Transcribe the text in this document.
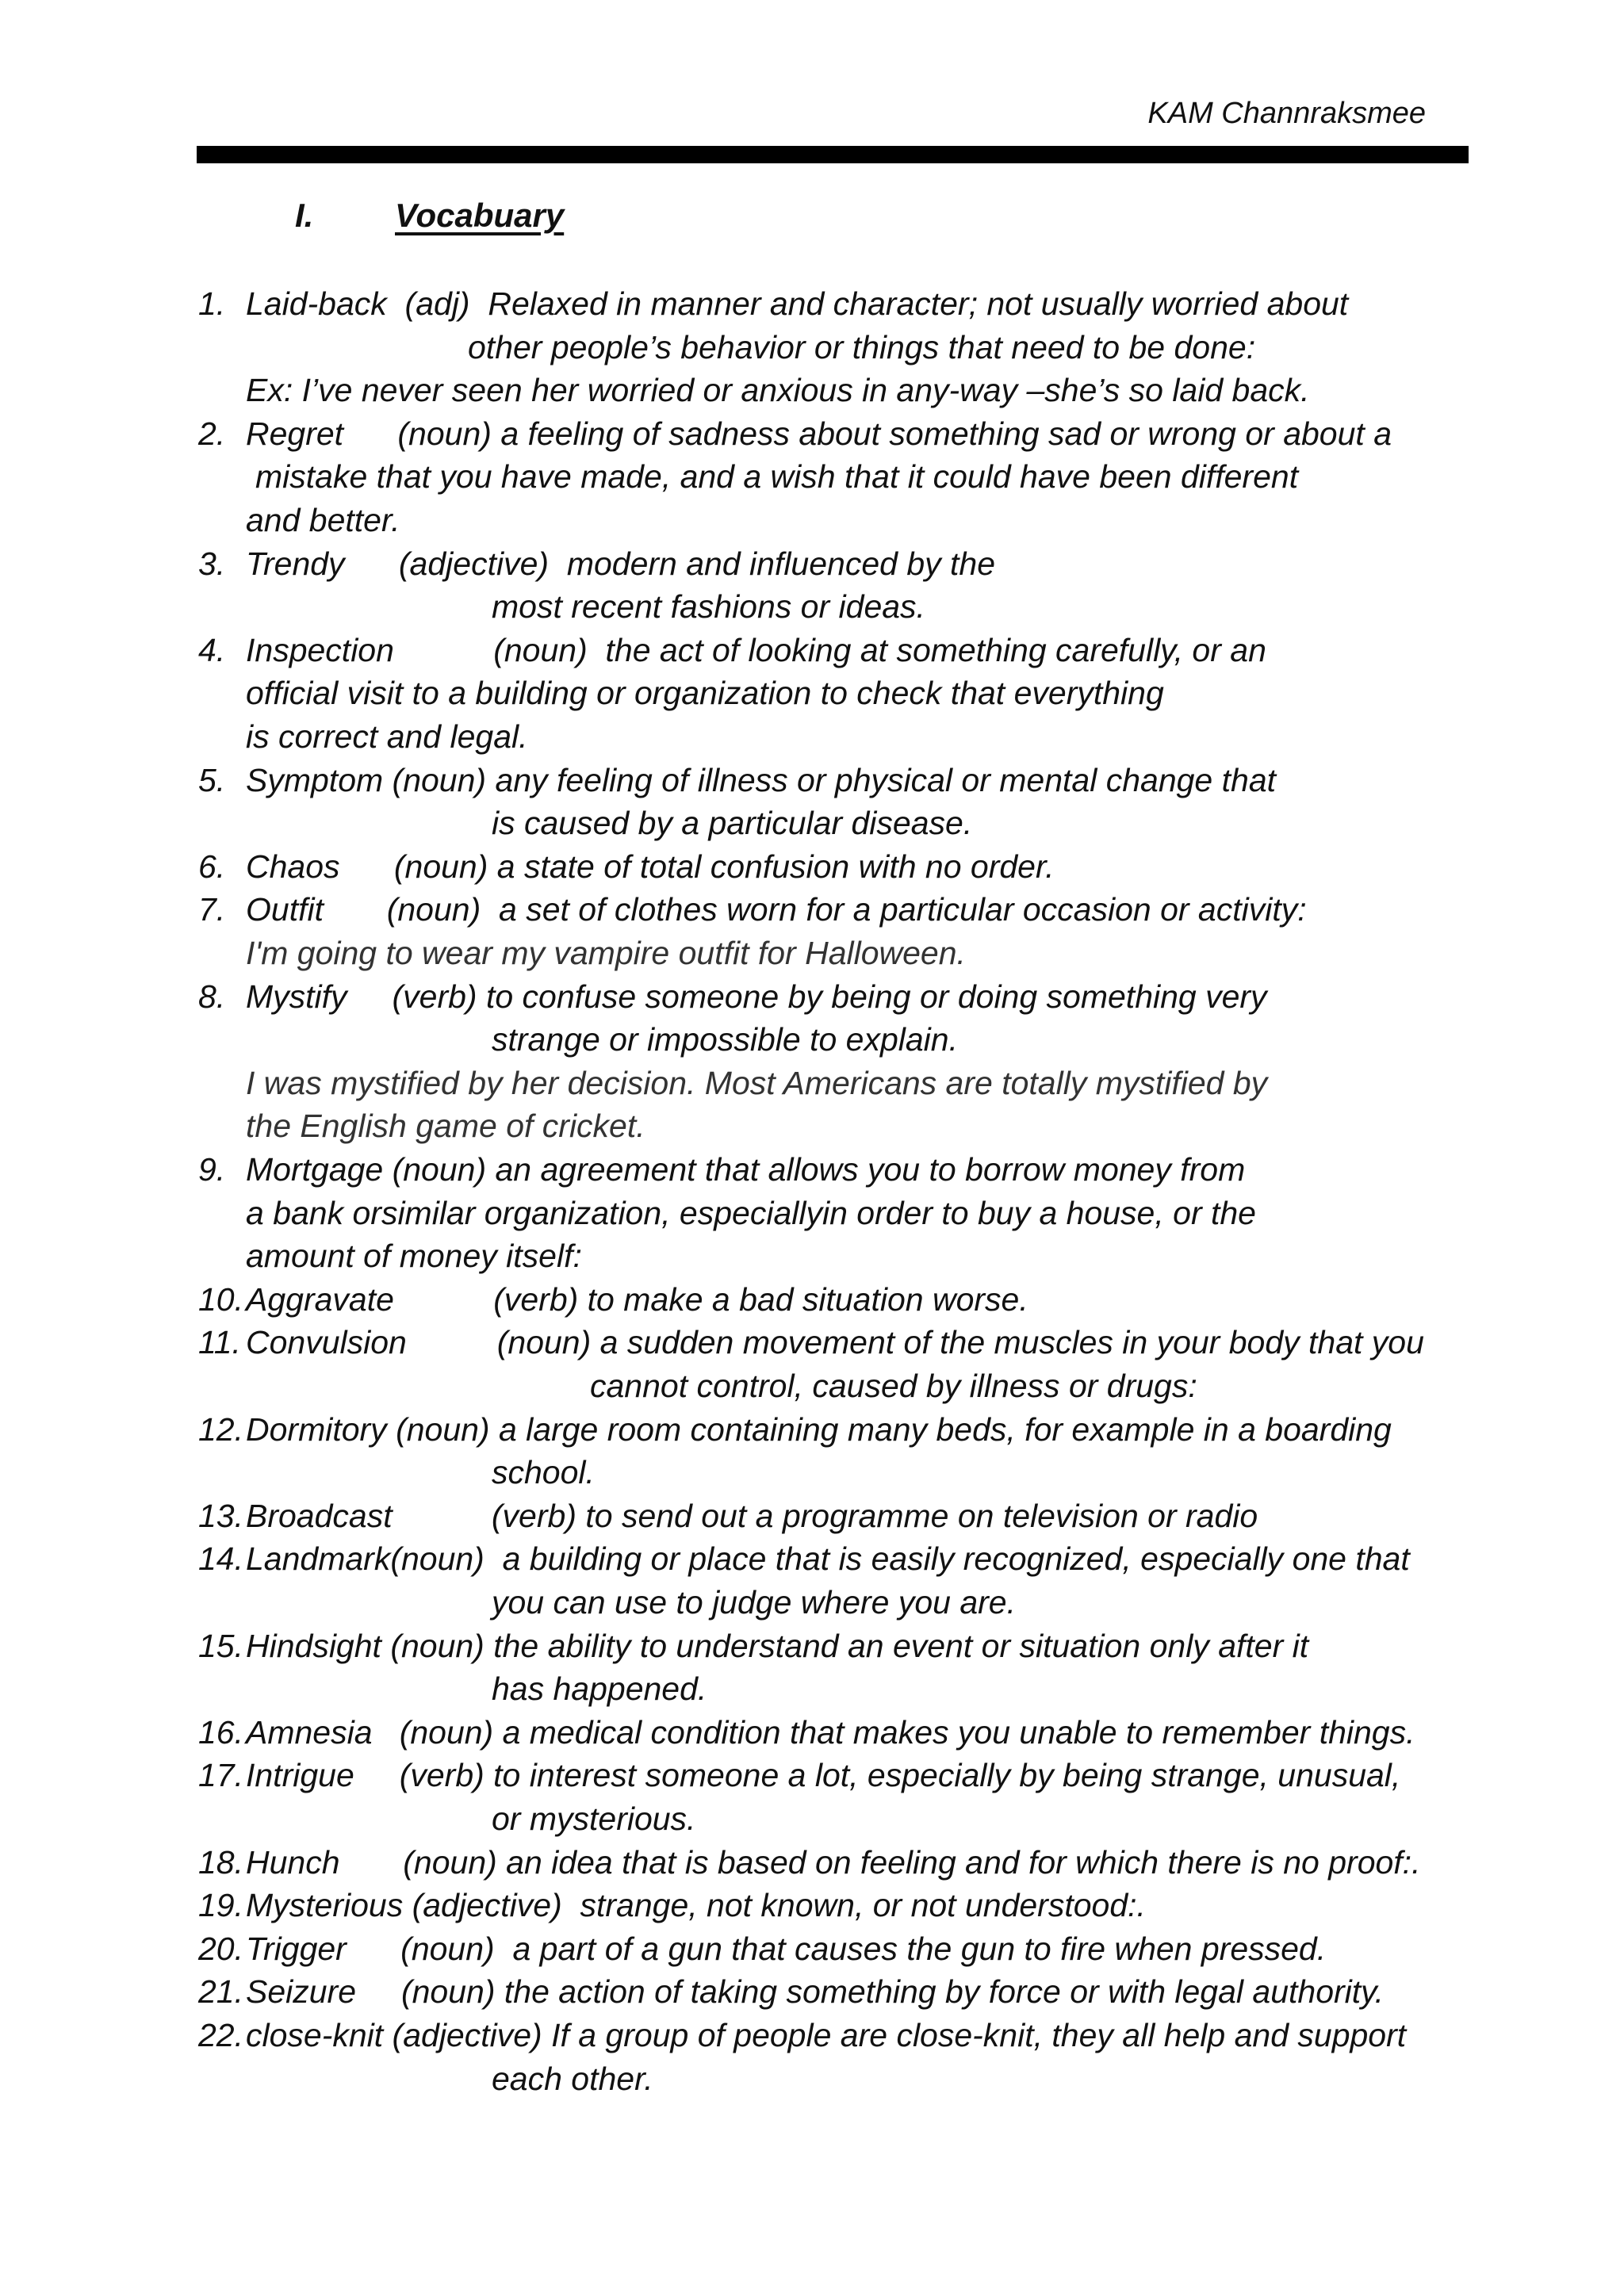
KAM Channraksmee
I. Vocabuary
1. Laid-back  (adj)  Relaxed in manner and character; not usually worried about
other people’s behavior or things that need to be done:
Ex: I’ve never seen her worried or anxious in any-way –she’s so laid back.
2. Regret      (noun) a feeling of sadness about something sad or wrong or about a
mistake that you have made, and a wish that it could have been different
and better.
3. Trendy      (adjective)  modern and influenced by the
most recent fashions or ideas.
4. Inspection           (noun)  the act of looking at something carefully, or an
official visit to a building or organization to check that everything
is correct and legal.
5. Symptom (noun) any feeling of illness or physical or mental change that
is caused by a particular disease.
6. Chaos      (noun) a state of total confusion with no order.
7. Outfit       (noun)  a set of clothes worn for a particular occasion or activity:
I'm going to wear my vampire outfit for Halloween.
8. Mystify     (verb) to confuse someone by being or doing something very
strange or impossible to explain.
I was mystified by her decision. Most Americans are totally mystified by
the English game of cricket.
9. Mortgage (noun) an agreement that allows you to borrow money from
a bank orsimilar organization, especiallyin order to buy a house, or the
amount of money itself:
10. Aggravate           (verb) to make a bad situation worse.
11. Convulsion          (noun) a sudden movement of the muscles in your body that you
cannot control, caused by illness or drugs:
12. Dormitory (noun) a large room containing many beds, for example in a boarding
school.
13. Broadcast           (verb) to send out a programme on television or radio
14. Landmark(noun)  a building or place that is easily recognized, especially one that
you can use to judge where you are.
15. Hindsight (noun) the ability to understand an event or situation only after it
has happened.
16. Amnesia   (noun) a medical condition that makes you unable to remember things.
17. Intrigue     (verb) to interest someone a lot, especially by being strange, unusual,
or mysterious.
18. Hunch       (noun) an idea that is based on feeling and for which there is no proof:.
19. Mysterious (adjective)  strange, not known, or not understood:.
20. Trigger      (noun)  a part of a gun that causes the gun to fire when pressed.
21. Seizure     (noun) the action of taking something by force or with legal authority.
22. close-knit (adjective) If a group of people are close-knit, they all help and support
each other.
